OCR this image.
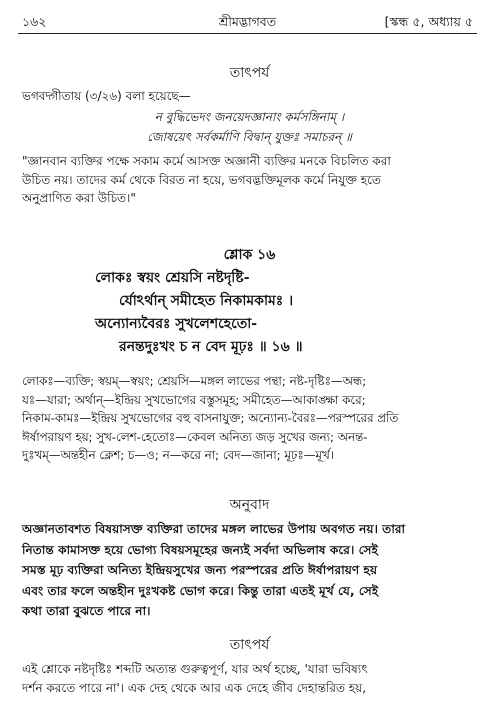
১৬২	শ্রীমদ্ভাগবত	[স্কন্ধ ৫, অধ্যায় ৫
তাৎপর্য
ভগবদ্গীতায় (৩/২৬) বলা হয়েছে—
ন বুদ্ধিভেদং জনয়েদজ্ঞানাং কর্মসঙ্গিনাম্ ।
জোষয়েৎ সর্বকর্মাণি বিদ্বান্ যুক্তঃ সমাচরন্ ॥
"জ্ঞানবান ব্যক্তির পক্ষে সকাম কর্মে আসক্ত অজ্ঞানী ব্যক্তির মনকে বিচলিত করা
উচিত নয়। তাদের কর্ম থেকে বিরত না হয়ে, ভগবদ্ভক্তিমূলক কর্মে নিযুক্ত হতে
অনুপ্রাণিত করা উচিত।"
শ্লোক ১৬
লোকঃ স্বয়ং শ্রেয়সি নষ্টদৃষ্টি-
র্যোঽর্থান্ সমীহেত নিকামকামঃ ।
অন্যোন্যবৈরঃ সুখলেশহেতো-
রনন্তদুঃখং চ ন বেদ মূঢ়ঃ ॥ ১৬ ॥
লোকঃ—ব্যক্তি; স্বয়ম্—স্বয়ং; শ্রেয়সি—মঙ্গল লাভের পন্থা; নষ্ট-দৃষ্টিঃ—অন্ধ;
যঃ—যারা; অর্থান্—ইন্দ্রিয় সুখভোগের বস্তুসমূহ; সমীহেত—আকাঙ্ক্ষা করে;
নিকাম-কামঃ—ইন্দ্রিয় সুখভোগের বহু বাসনাযুক্ত; অন্যোন্য-বৈরঃ—পরস্পরের প্রতি
ঈর্ষাপরায়ণ হয়; সুখ-লেশ-হেতোঃ—কেবল অনিত্য জড় সুখের জন্য; অনন্ত-
দুঃখম্—অন্তহীন ক্লেশ; চ—ও; ন—করে না; বেদ—জানা; মূঢ়ঃ—মূর্খ।
অনুবাদ
অজ্ঞানতাবশত বিষয়াসক্ত ব্যক্তিরা তাদের মঙ্গল লাভের উপায় অবগত নয়। তারা
নিতান্ত কামাসক্ত হয়ে ভোগ্য বিষয়সমূহের জন্যই সর্বদা অভিলাষ করে। সেই
সমস্ত মূঢ় ব্যক্তিরা অনিত্য ইন্দ্রিয়সুখের জন্য পরস্পরের প্রতি ঈর্ষাপরায়ণ হয়
এবং তার ফলে অন্তহীন দুঃখকষ্ট ভোগ করে। কিন্তু তারা এতই মূর্খ যে, সেই
কথা তারা বুঝতে পারে না।
তাৎপর্য
এই শ্লোকে নষ্টদৃষ্টিঃ শব্দটি অত্যন্ত গুরুত্বপূর্ণ, যার অর্থ হচ্ছে, 'যারা ভবিষ্যৎ
দর্শন করতে পারে না'। এক দেহ থেকে আর এক দেহে জীব দেহান্তরিত হয়,
